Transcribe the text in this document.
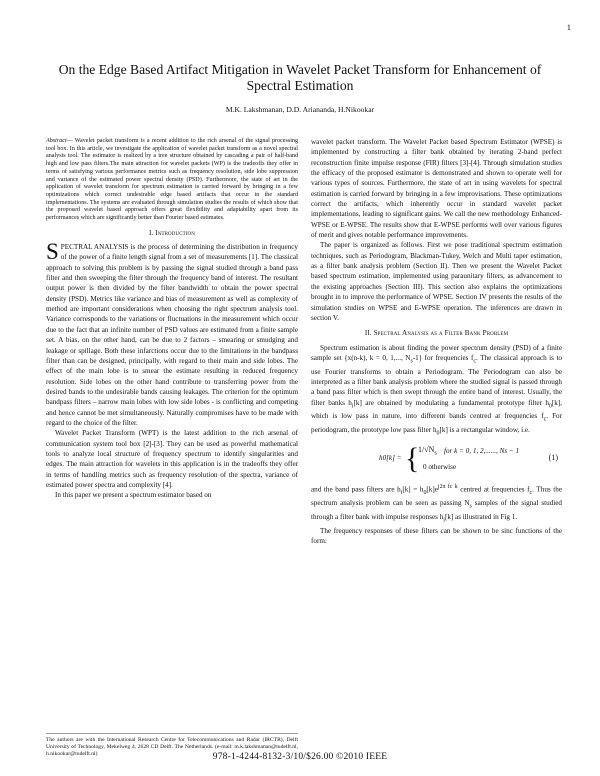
1
On the Edge Based Artifact Mitigation in Wavelet Packet Transform for Enhancement of Spectral Estimation
M.K. Lakshmanan, D.D. Ariananda, H.Nikookar
Abstract— Wavelet packet transform is a recent addition to the rich arsenal of the signal processing tool box. In this article, we investigate the application of wavelet packet transform as a novel spectral analysis tool. The estimator is realized by a tree structure obtained by cascading a pair of half-band high and low pass filters.The main attraction for wavelet packets (WP) is the tradeoffs they offer in terms of satisfying various performance metrics such as frequency resolution, side lobe suppression and variance of the estimated power spectral density (PSD). Furthermore, the state of art in the application of wavelet transform for spectrum estimation is carried forward by bringing in a few optimizations which correct undesirable edge based artifacts that occur in the standard implementations. The systems are evaluated through simulation studies the results of which show that the proposed wavelet based approach offers great flexibility and adaptability apart from its performances which are significantly better than Fourier based estimates.
I. Introduction

SPECTRAL ANALYSIS is the process of determining the distribution in frequency of the power of a finite length signal from a set of measurements [1]. The classical approach to solving this problem is by passing the signal studied through a band pass filter and then sweeping the filter through the frequency band of interest. The resultant output power is then divided by the filter bandwidth to obtain the power spectral density (PSD). Metrics like variance and bias of measurement as well as complexity of method are important considerations when choosing the right spectrum analysis tool. Variance corresponds to the variations or fluctuations in the measurement which occur due to the fact that an infinite number of PSD values are estimated from a finite sample set. A bias, on the other hand, can be due to 2 factors – smearing or smudging and leakage or spillage. Both these infarctions occur due to the limitations in the bandpass filter than can be designed, principally, with regard to their main and side lobes. The effect of the main lobe is to smear the estimate resulting in reduced frequency resolution. Side lobes on the other hand contribute to transferring power from the desired bands to the undesirable bands causing leakages. The criterion for the optimum bandpass filters – narrow main lobes with low side lobes - is conflicting and competing and hence cannot be met simultaneously. Naturally compromises have to be made with regard to the choice of the filter.

Wavelet Packet Transform (WPT) is the latest addition to the rich arsenal of communication system tool box [2]-[3]. They can be used as powerful mathematical tools to analyze local structure of frequency spectrum to identify singularities and edges. The main attraction for wavelets in this application is in the tradeoffs they offer in terms of handling metrics such as frequency resolution of the spectra, variance of estimated power spectra and complexity [4].

In this paper we present a spectrum estimator based on

wavelet packet transform. The Wavelet Packet based Spectrum Estimator (WPSE) is implemented by constructing a filter bank obtained by iterating 2-band perfect reconstruction finite impulse response (FIR) filters [3]-[4]. Through simulation studies the efficacy of the proposed estimator is demonstrated and shown to operate well for various types of sources. Furthermore, the state of art in using wavelets for spectral estimation is carried forward by bringing in a few improvisations. These optimizations correct the artifacts, which inherently occur in standard wavelet packet implementations, leading to significant gains. We call the new methodology Enhanced-WPSE or E-WPSE. The results show that E-WPSE performs well over various figures of merit and gives notable performance improvements.

The paper is organized as follows. First we pose traditional spectrum estimation techniques, such as Periodogram, Blackman-Tukey, Welch and Multi taper estimation, as a filter bank analysis problem (Section II). Then we present the Wavelet Packet based spectrum estimation, implemented using paraunitary filters, as advancement to the existing approaches (Section III). This section also explains the optimizations brought in to improve the performance of WPSE. Section IV presents the results of the simulation studies on WPSE and E-WPSE operation. The inferences are drawn in section V.

II. Spectral Analysis as a Filter Bank Problem

Spectrum estimation is about finding the power spectrum density (PSD) of a finite sample set {x(n-k), k = 0, 1,..., $N_s-1$} for frequencies $f_c$. The classical approach is to use Fourier transforms to obtain a Periodogram. The Periodogram can also be interpreted as a filter bank analysis problem where the studied signal is passed through a band pass filter which is then swept through the entire band of interest. Usually, the filter banks $h_i[k]$ are obtained by modulating a fundamental prototype filter $h_0[k]$, which is low pass in nature, into different bands centred at frequencies $f_c$. For periodogram, the prototype low pass filter $h_0[k]$ is a rectangular window, i.e.

h0[k] = {
$1/√N_s$ for k = 0, 1, 2,......, Ns − 1
0 otherwise
(1)

and the band pass filters are $h_i[k] = h_0[k]e^{j2\pi fc k}$ centred at frequencies $f_c$. Thus the spectrum analysis problem can be seen as passing $N_s$ samples of the signal studied through a filter bank with impulse responses $h_i[k]$ as illustrated in Fig 1.

The frequency responses of these filters can be shown to be sinc functions of the form:

The authors are with the International Research Centre for Telecommunications and Radar (IRCTR), Delft University of Technology, Mekelweg 4, 2628 CD Delft. The Netherlands. (e-mail: m.k.lakshmanan@tudelft.nl, h.nikookar@tudelft.nl)	978-1-4244-8132-3/10/$26.00 ©2010 IEEE
